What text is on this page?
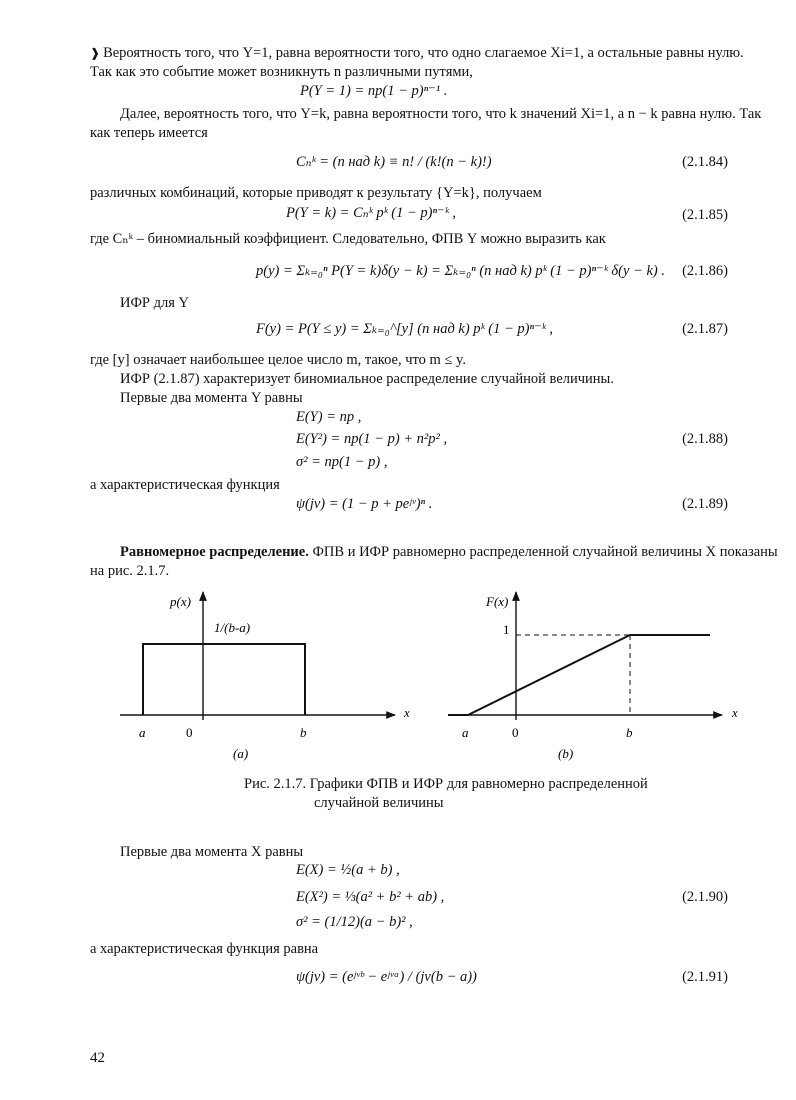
❱ Вероятность того, что Y=1, равна вероятности того, что одно слагаемое Xi=1, а остальные равны нулю.
Так как это событие может возникнуть n различными путями,
P(Y = 1) = np(1 − p)ⁿ⁻¹ .
Далее, вероятность того, что Y=k, равна вероятности того, что k значений Xi=1, а n − k равна нулю. Так
как теперь имеется
Cₙᵏ = (n над k) ≡ n! / (k!(n − k)!)	(2.1.84)
различных комбинаций, которые приводят к результату {Y=k}, получаем
P(Y = k) = Cₙᵏ pᵏ (1 − p)ⁿ⁻ᵏ ,	(2.1.85)
где Cₙᵏ – биномиальный коэффициент. Следовательно, ФПВ Y можно выразить как
p(y) = Σₖ₌₀ⁿ P(Y = k)δ(y − k) = Σₖ₌₀ⁿ (n над k) pᵏ (1 − p)ⁿ⁻ᵏ δ(y − k) . (2.1.86)
ИФР для Y
F(y) = P(Y ≤ y) = Σₖ₌₀^[y] (n над k) pᵏ (1 − p)ⁿ⁻ᵏ ,	(2.1.87)
где [y] означает наибольшее целое число m, такое, что m ≤ y.
ИФР (2.1.87) характеризует биномиальное распределение случайной величины.
Первые два момента Y равны
E(Y) = np ,
E(Y²) = np(1 − p) + n²p² ,	(2.1.88)
σ² = np(1 − p) ,
а характеристическая функция
ψ(jv) = (1 − p + peʲᵛ)ⁿ .	(2.1.89)
Равномерное распределение. ФПВ и ИФР равномерно распределенной случайной величины X показаны
на рис. 2.1.7.
p(x)
1/(b-a)
x
a	0	b
(a)
F(x)
1
x
a	0	b
(b)
Рис. 2.1.7. Графики ФПВ и ИФР для равномерно распределенной
случайной величины
Первые два момента X равны
E(X) = ½(a + b) ,
E(X²) = ⅓(a² + b² + ab) ,	(2.1.90)
σ² = (1/12)(a − b)² ,
а характеристическая функция равна
ψ(jv) = (eʲᵛᵇ − eʲᵛᵃ) / (jv(b − a))	(2.1.91)
42
